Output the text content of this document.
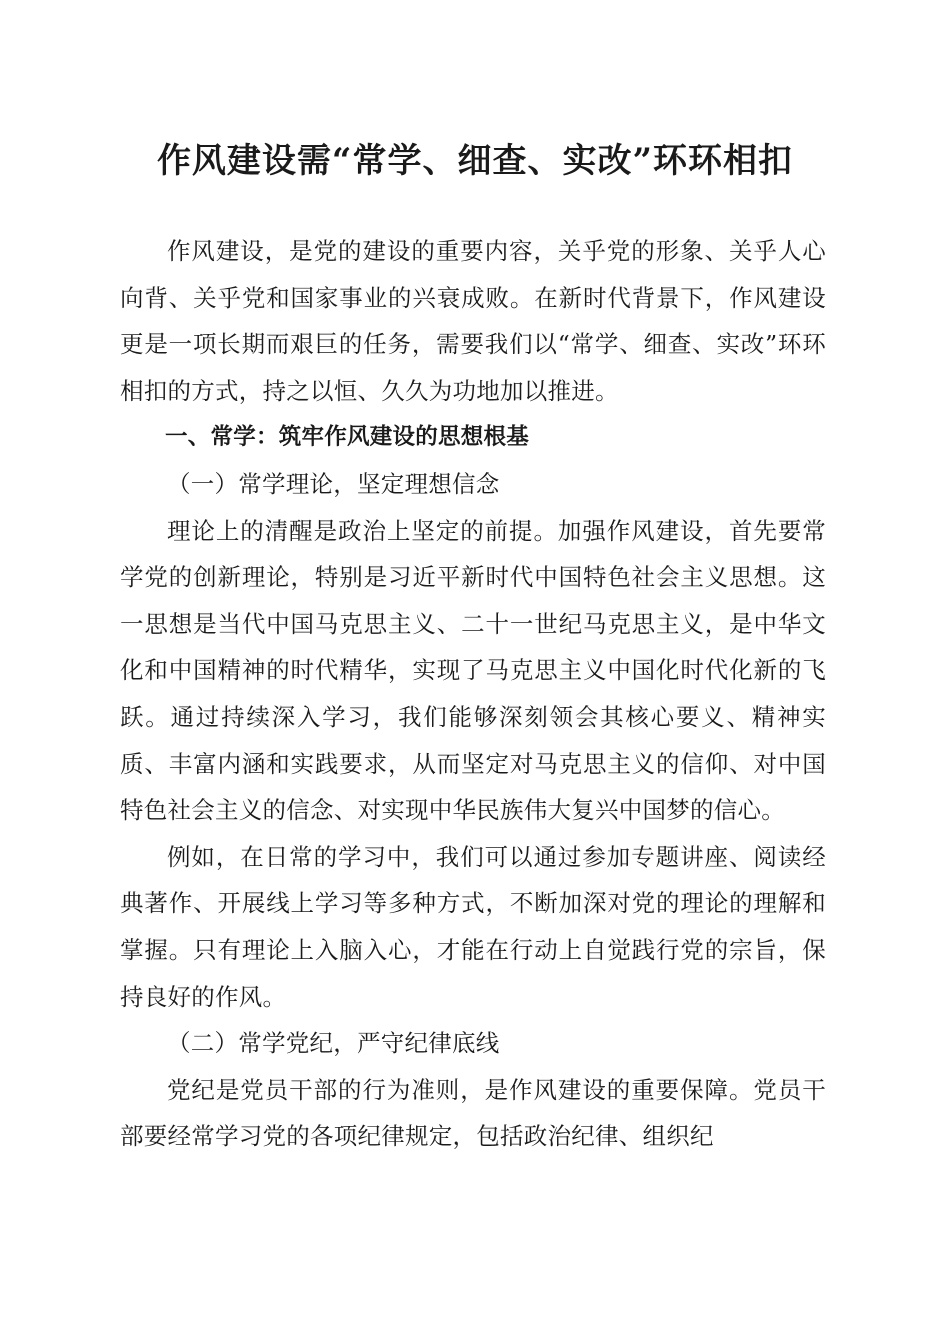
作风建设需“常学、细查、实改”环环相扣

作风建设，是党的建设的重要内容，关乎党的形象、关乎人心向背、关乎党和国家事业的兴衰成败。在新时代背景下，作风建设更是一项长期而艰巨的任务，需要我们以“常学、细查、实改”环环相扣的方式，持之以恒、久久为功地加以推进。

一、常学：筑牢作风建设的思想根基

（一）常学理论，坚定理想信念

理论上的清醒是政治上坚定的前提。加强作风建设，首先要常学党的创新理论，特别是习近平新时代中国特色社会主义思想。这一思想是当代中国马克思主义、二十一世纪马克思主义，是中华文化和中国精神的时代精华，实现了马克思主义中国化时代化新的飞跃。通过持续深入学习，我们能够深刻领会其核心要义、精神实质、丰富内涵和实践要求，从而坚定对马克思主义的信仰、对中国特色社会主义的信念、对实现中华民族伟大复兴中国梦的信心。

例如，在日常的学习中，我们可以通过参加专题讲座、阅读经典著作、开展线上学习等多种方式，不断加深对党的理论的理解和掌握。只有理论上入脑入心，才能在行动上自觉践行党的宗旨，保持良好的作风。

（二）常学党纪，严守纪律底线

党纪是党员干部的行为准则，是作风建设的重要保障。党员干部要经常学习党的各项纪律规定，包括政治纪律、组织纪
